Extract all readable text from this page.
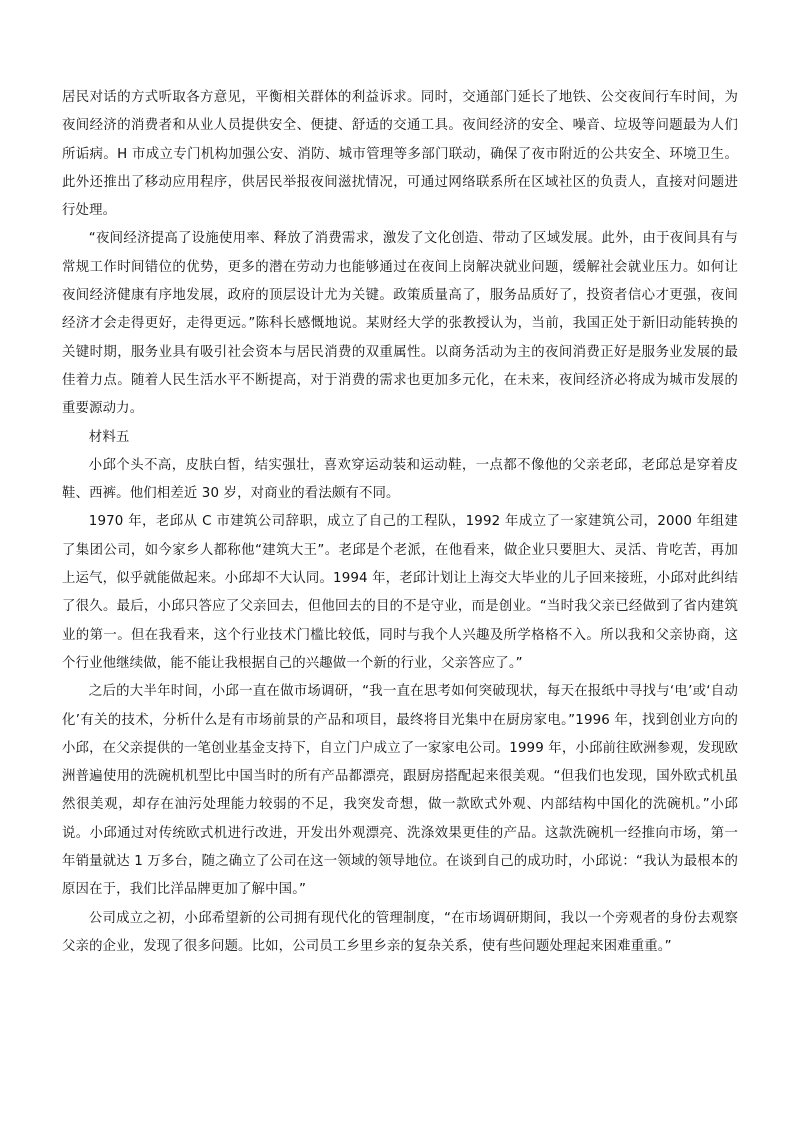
居民对话的方式听取各方意见，平衡相关群体的利益诉求。同时，交通部门延长了地铁、公交夜间行车时间，为夜间经济的消费者和从业人员提供安全、便捷、舒适的交通工具。夜间经济的安全、噪音、垃圾等问题最为人们所诟病。H 市成立专门机构加强公安、消防、城市管理等多部门联动，确保了夜市附近的公共安全、环境卫生。此外还推出了移动应用程序，供居民举报夜间滋扰情况，可通过网络联系所在区域社区的负责人，直接对问题进行处理。

“夜间经济提高了设施使用率、释放了消费需求，激发了文化创造、带动了区域发展。此外，由于夜间具有与常规工作时间错位的优势，更多的潜在劳动力也能够通过在夜间上岗解决就业问题，缓解社会就业压力。如何让夜间经济健康有序地发展，政府的顶层设计尤为关键。政策质量高了，服务品质好了，投资者信心才更强，夜间经济才会走得更好，走得更远。”陈科长感慨地说。某财经大学的张教授认为，当前，我国正处于新旧动能转换的关键时期，服务业具有吸引社会资本与居民消费的双重属性。以商务活动为主的夜间消费正好是服务业发展的最佳着力点。随着人民生活水平不断提高，对于消费的需求也更加多元化，在未来，夜间经济必将成为城市发展的重要源动力。

材料五

小邱个头不高，皮肤白皙，结实强壮，喜欢穿运动装和运动鞋，一点都不像他的父亲老邱，老邱总是穿着皮鞋、西裤。他们相差近 30 岁，对商业的看法颇有不同。

1970 年，老邱从 C 市建筑公司辞职，成立了自己的工程队，1992 年成立了一家建筑公司，2000 年组建了集团公司，如今家乡人都称他“建筑大王”。老邱是个老派，在他看来，做企业只要胆大、灵活、肯吃苦，再加上运气，似乎就能做起来。小邱却不大认同。1994 年，老邱计划让上海交大毕业的儿子回来接班，小邱对此纠结了很久。最后，小邱只答应了父亲回去，但他回去的目的不是守业，而是创业。“当时我父亲已经做到了省内建筑业的第一。但在我看来，这个行业技术门槛比较低，同时与我个人兴趣及所学格格不入。所以我和父亲协商，这个行业他继续做，能不能让我根据自己的兴趣做一个新的行业，父亲答应了。”

之后的大半年时间，小邱一直在做市场调研，“我一直在思考如何突破现状，每天在报纸中寻找与‘电’或‘自动化’有关的技术，分析什么是有市场前景的产品和项目，最终将目光集中在厨房家电。”1996 年，找到创业方向的小邱，在父亲提供的一笔创业基金支持下，自立门户成立了一家家电公司。1999 年，小邱前往欧洲参观，发现欧洲普遍使用的洗碗机机型比中国当时的所有产品都漂亮，跟厨房搭配起来很美观。“但我们也发现，国外欧式机虽然很美观，却存在油污处理能力较弱的不足，我突发奇想，做一款欧式外观、内部结构中国化的洗碗机。”小邱说。小邱通过对传统欧式机进行改进，开发出外观漂亮、洗涤效果更佳的产品。这款洗碗机一经推向市场，第一年销量就达 1 万多台，随之确立了公司在这一领域的领导地位。在谈到自己的成功时，小邱说：“我认为最根本的原因在于，我们比洋品牌更加了解中国。”

公司成立之初，小邱希望新的公司拥有现代化的管理制度，“在市场调研期间，我以一个旁观者的身份去观察父亲的企业，发现了很多问题。比如，公司员工乡里乡亲的复杂关系，使有些问题处理起来困难重重。”
